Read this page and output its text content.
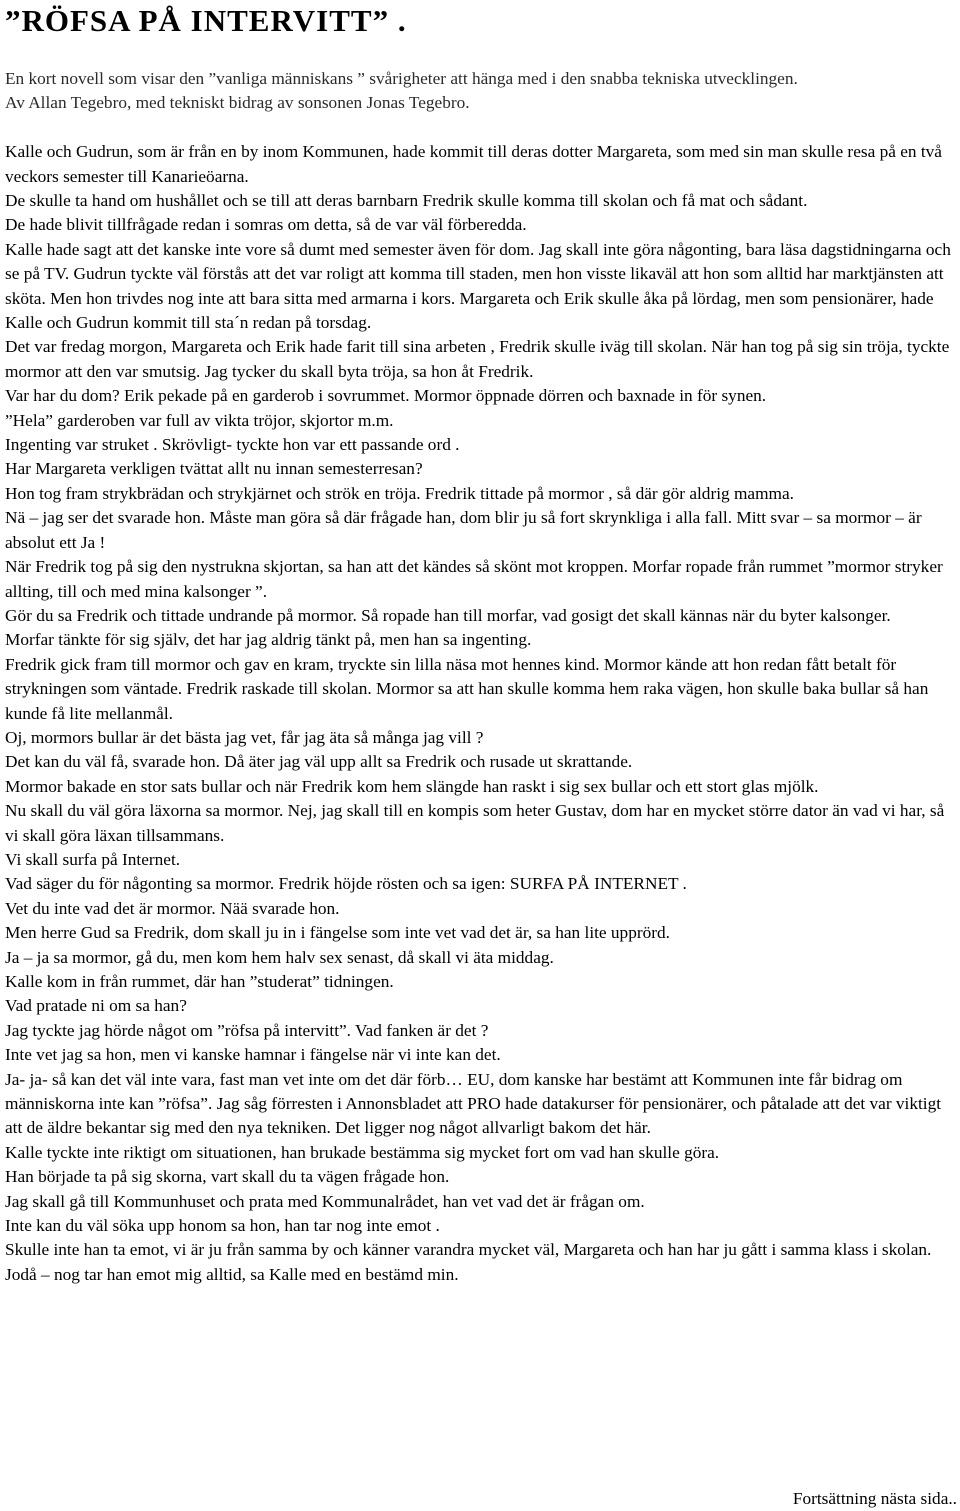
”RÖFSA PÅ INTERVITT” .

En kort novell som visar den ”vanliga människans ” svårigheter att hänga med i den snabba tekniska utvecklingen.

Av Allan Tegebro, med tekniskt bidrag av sonsonen Jonas Tegebro.

Kalle och Gudrun, som är från en by inom Kommunen, hade kommit till deras dotter Margareta, som med sin man skulle resa på en två veckors semester till Kanarieöarna.

De skulle ta hand om hushållet och se till att deras barnbarn Fredrik skulle komma till skolan och få mat och sådant.

De hade blivit tillfrågade redan i somras om detta, så de var väl förberedda.

Kalle hade sagt att det kanske inte vore så dumt med semester även för dom. Jag skall inte göra någonting, bara läsa dagstidningarna och se på TV. Gudrun tyckte väl förstås att det var roligt att komma till staden, men hon visste likaväl att hon som alltid har marktjänsten att sköta. Men hon trivdes nog inte att bara sitta med armarna i kors. Margareta och Erik skulle åka på lördag, men som pensionärer, hade Kalle och Gudrun kommit till sta´n redan på torsdag.

Det var fredag morgon, Margareta och Erik hade farit till sina arbeten , Fredrik skulle iväg till skolan. När han tog på sig sin tröja, tyckte mormor att den var smutsig. Jag tycker du skall byta tröja, sa hon åt Fredrik.

Var har du dom? Erik pekade på en garderob i sovrummet. Mormor öppnade dörren och baxnade in för synen.

”Hela” garderoben var full av vikta tröjor, skjortor m.m.

Ingenting var struket . Skrövligt- tyckte hon var ett passande ord .

Har Margareta verkligen tvättat allt nu innan semesterresan?

Hon tog fram strykbrädan och strykjärnet och strök en tröja. Fredrik tittade på mormor , så där gör aldrig mamma.

Nä – jag ser det svarade hon. Måste man göra så där frågade han, dom blir ju så fort skrynkliga i alla fall. Mitt svar – sa mormor – är absolut ett Ja !

När Fredrik tog på sig den nystrukna skjortan, sa han att det kändes så skönt mot kroppen. Morfar ropade från rummet ”mormor stryker allting, till och med mina kalsonger ”.

Gör du sa Fredrik och tittade undrande på mormor. Så ropade han till morfar, vad gosigt det skall kännas när du byter kalsonger.

Morfar tänkte för sig själv, det har jag aldrig tänkt på, men han sa ingenting.

Fredrik gick fram till mormor och gav en kram, tryckte sin lilla näsa mot hennes kind. Mormor kände att hon redan fått betalt för strykningen som väntade. Fredrik raskade till skolan. Mormor sa att han skulle komma hem raka vägen, hon skulle baka bullar så han kunde få lite mellanmål.

Oj, mormors bullar är det bästa jag vet, får jag äta så många jag vill ?

Det kan du väl få, svarade hon. Då äter jag väl upp allt sa Fredrik och rusade ut skrattande.

Mormor bakade en stor sats bullar och när Fredrik kom hem slängde han raskt i sig sex bullar och ett stort glas mjölk.

Nu skall du väl göra läxorna sa mormor. Nej, jag skall till en kompis som heter Gustav, dom har en mycket större dator än vad vi har, så vi skall göra läxan tillsammans.

Vi skall surfa på Internet.

Vad säger du för någonting sa mormor. Fredrik höjde rösten och sa igen: SURFA PÅ INTERNET .

Vet du inte vad det är mormor. Nää svarade hon.

Men herre Gud sa Fredrik, dom skall ju in i fängelse som inte vet vad det är, sa han lite upprörd.

Ja – ja sa mormor, gå du, men kom hem halv sex senast, då skall vi äta middag.

Kalle kom in från rummet, där han ”studerat” tidningen.

Vad pratade ni om sa han?

Jag tyckte jag hörde något om ”röfsa på intervitt”. Vad fanken är det ?

Inte vet jag sa hon, men vi kanske hamnar i fängelse när vi inte kan det.

Ja- ja- så kan det väl inte vara, fast man vet inte om det där förb… EU, dom kanske har bestämt att Kommunen inte får bidrag om människorna inte kan ”röfsa”. Jag såg förresten i Annonsbladet att PRO hade datakurser för pensionärer, och påtalade att det var viktigt att de äldre bekantar sig med den nya tekniken. Det ligger nog något allvarligt bakom det här.

Kalle tyckte inte riktigt om situationen, han brukade bestämma sig mycket fort om vad han skulle göra.

Han började ta på sig skorna, vart skall du ta vägen frågade hon.

Jag skall gå till Kommunhuset och prata med Kommunalrådet, han vet vad det är frågan om.

Inte kan du väl söka upp honom sa hon, han tar nog inte emot .

Skulle inte han ta emot, vi är ju från samma by och känner varandra mycket väl, Margareta och han har ju gått i samma klass i skolan.

Jodå – nog tar han emot mig alltid, sa Kalle med en bestämd min.

Fortsättning nästa sida..
